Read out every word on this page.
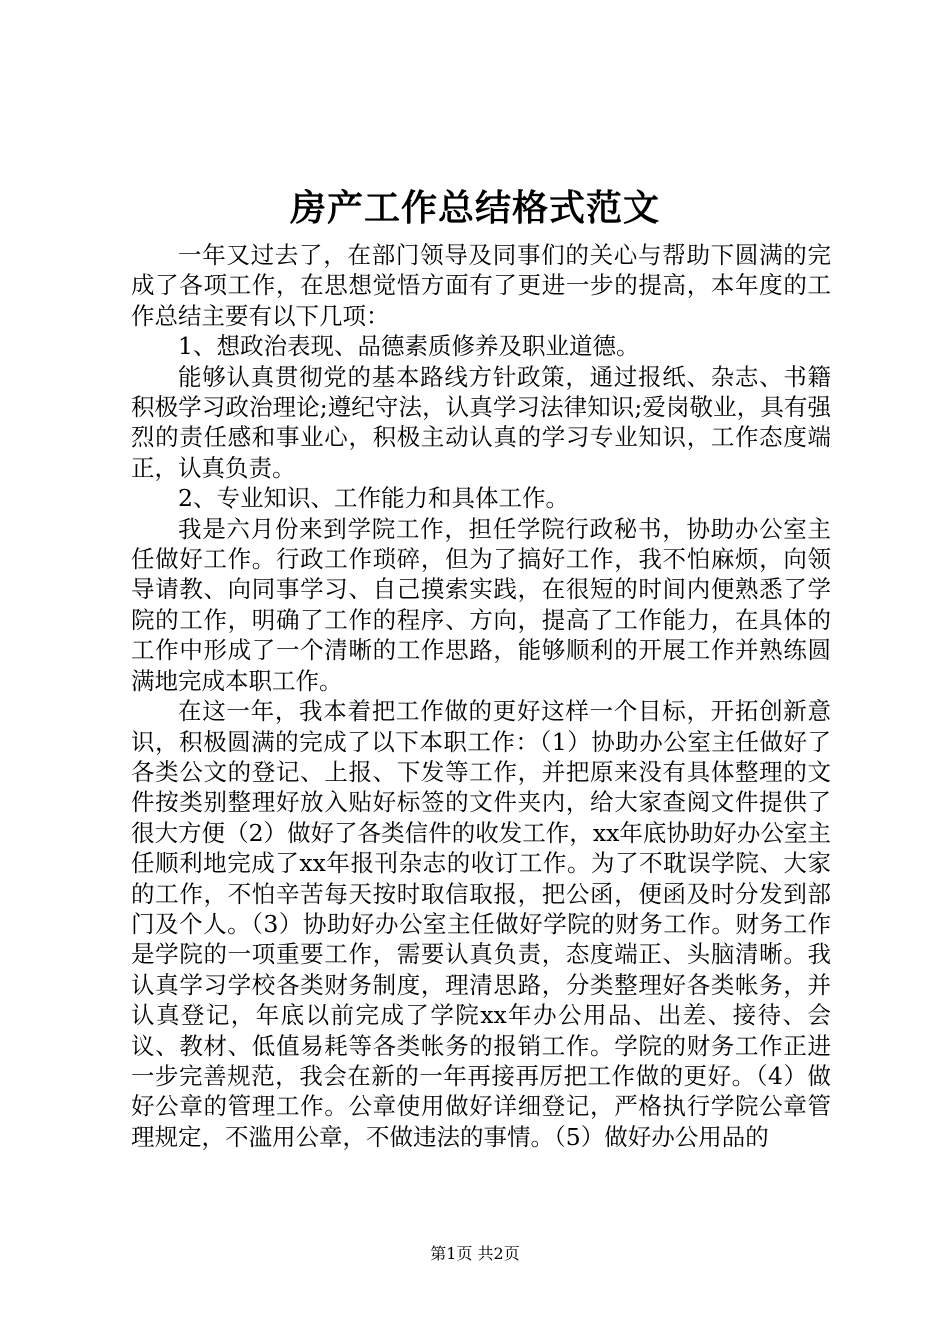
房产工作总结格式范文

一年又过去了，在部门领导及同事们的关心与帮助下圆满的完成了各项工作，在思想觉悟方面有了更进一步的提高，本年度的工作总结主要有以下几项：

1、想政治表现、品德素质修养及职业道德。

能够认真贯彻党的基本路线方针政策，通过报纸、杂志、书籍积极学习政治理论;遵纪守法，认真学习法律知识;爱岗敬业，具有强烈的责任感和事业心，积极主动认真的学习专业知识，工作态度端正，认真负责。

2、专业知识、工作能力和具体工作。

我是六月份来到学院工作，担任学院行政秘书，协助办公室主任做好工作。行政工作琐碎，但为了搞好工作，我不怕麻烦，向领导请教、向同事学习、自己摸索实践，在很短的时间内便熟悉了学院的工作，明确了工作的程序、方向，提高了工作能力，在具体的工作中形成了一个清晰的工作思路，能够顺利的开展工作并熟练圆满地完成本职工作。

在这一年，我本着把工作做的更好这样一个目标，开拓创新意识，积极圆满的完成了以下本职工作：（1）协助办公室主任做好了各类公文的登记、上报、下发等工作，并把原来没有具体整理的文件按类别整理好放入贴好标签的文件夹内，给大家查阅文件提供了很大方便（2）做好了各类信件的收发工作，xx年底协助好办公室主任顺利地完成了xx年报刊杂志的收订工作。为了不耽误学院、大家的工作，不怕辛苦每天按时取信取报，把公函，便函及时分发到部门及个人。（3）协助好办公室主任做好学院的财务工作。财务工作是学院的一项重要工作，需要认真负责，态度端正、头脑清晰。我认真学习学校各类财务制度，理清思路，分类整理好各类帐务，并认真登记，年底以前完成了学院xx年办公用品、出差、接待、会议、教材、低值易耗等各类帐务的报销工作。学院的财务工作正进一步完善规范，我会在新的一年再接再厉把工作做的更好。（4）做好公章的管理工作。公章使用做好详细登记，严格执行学院公章管理规定，不滥用公章，不做违法的事情。（5）做好办公用品的

第1页 共2页
